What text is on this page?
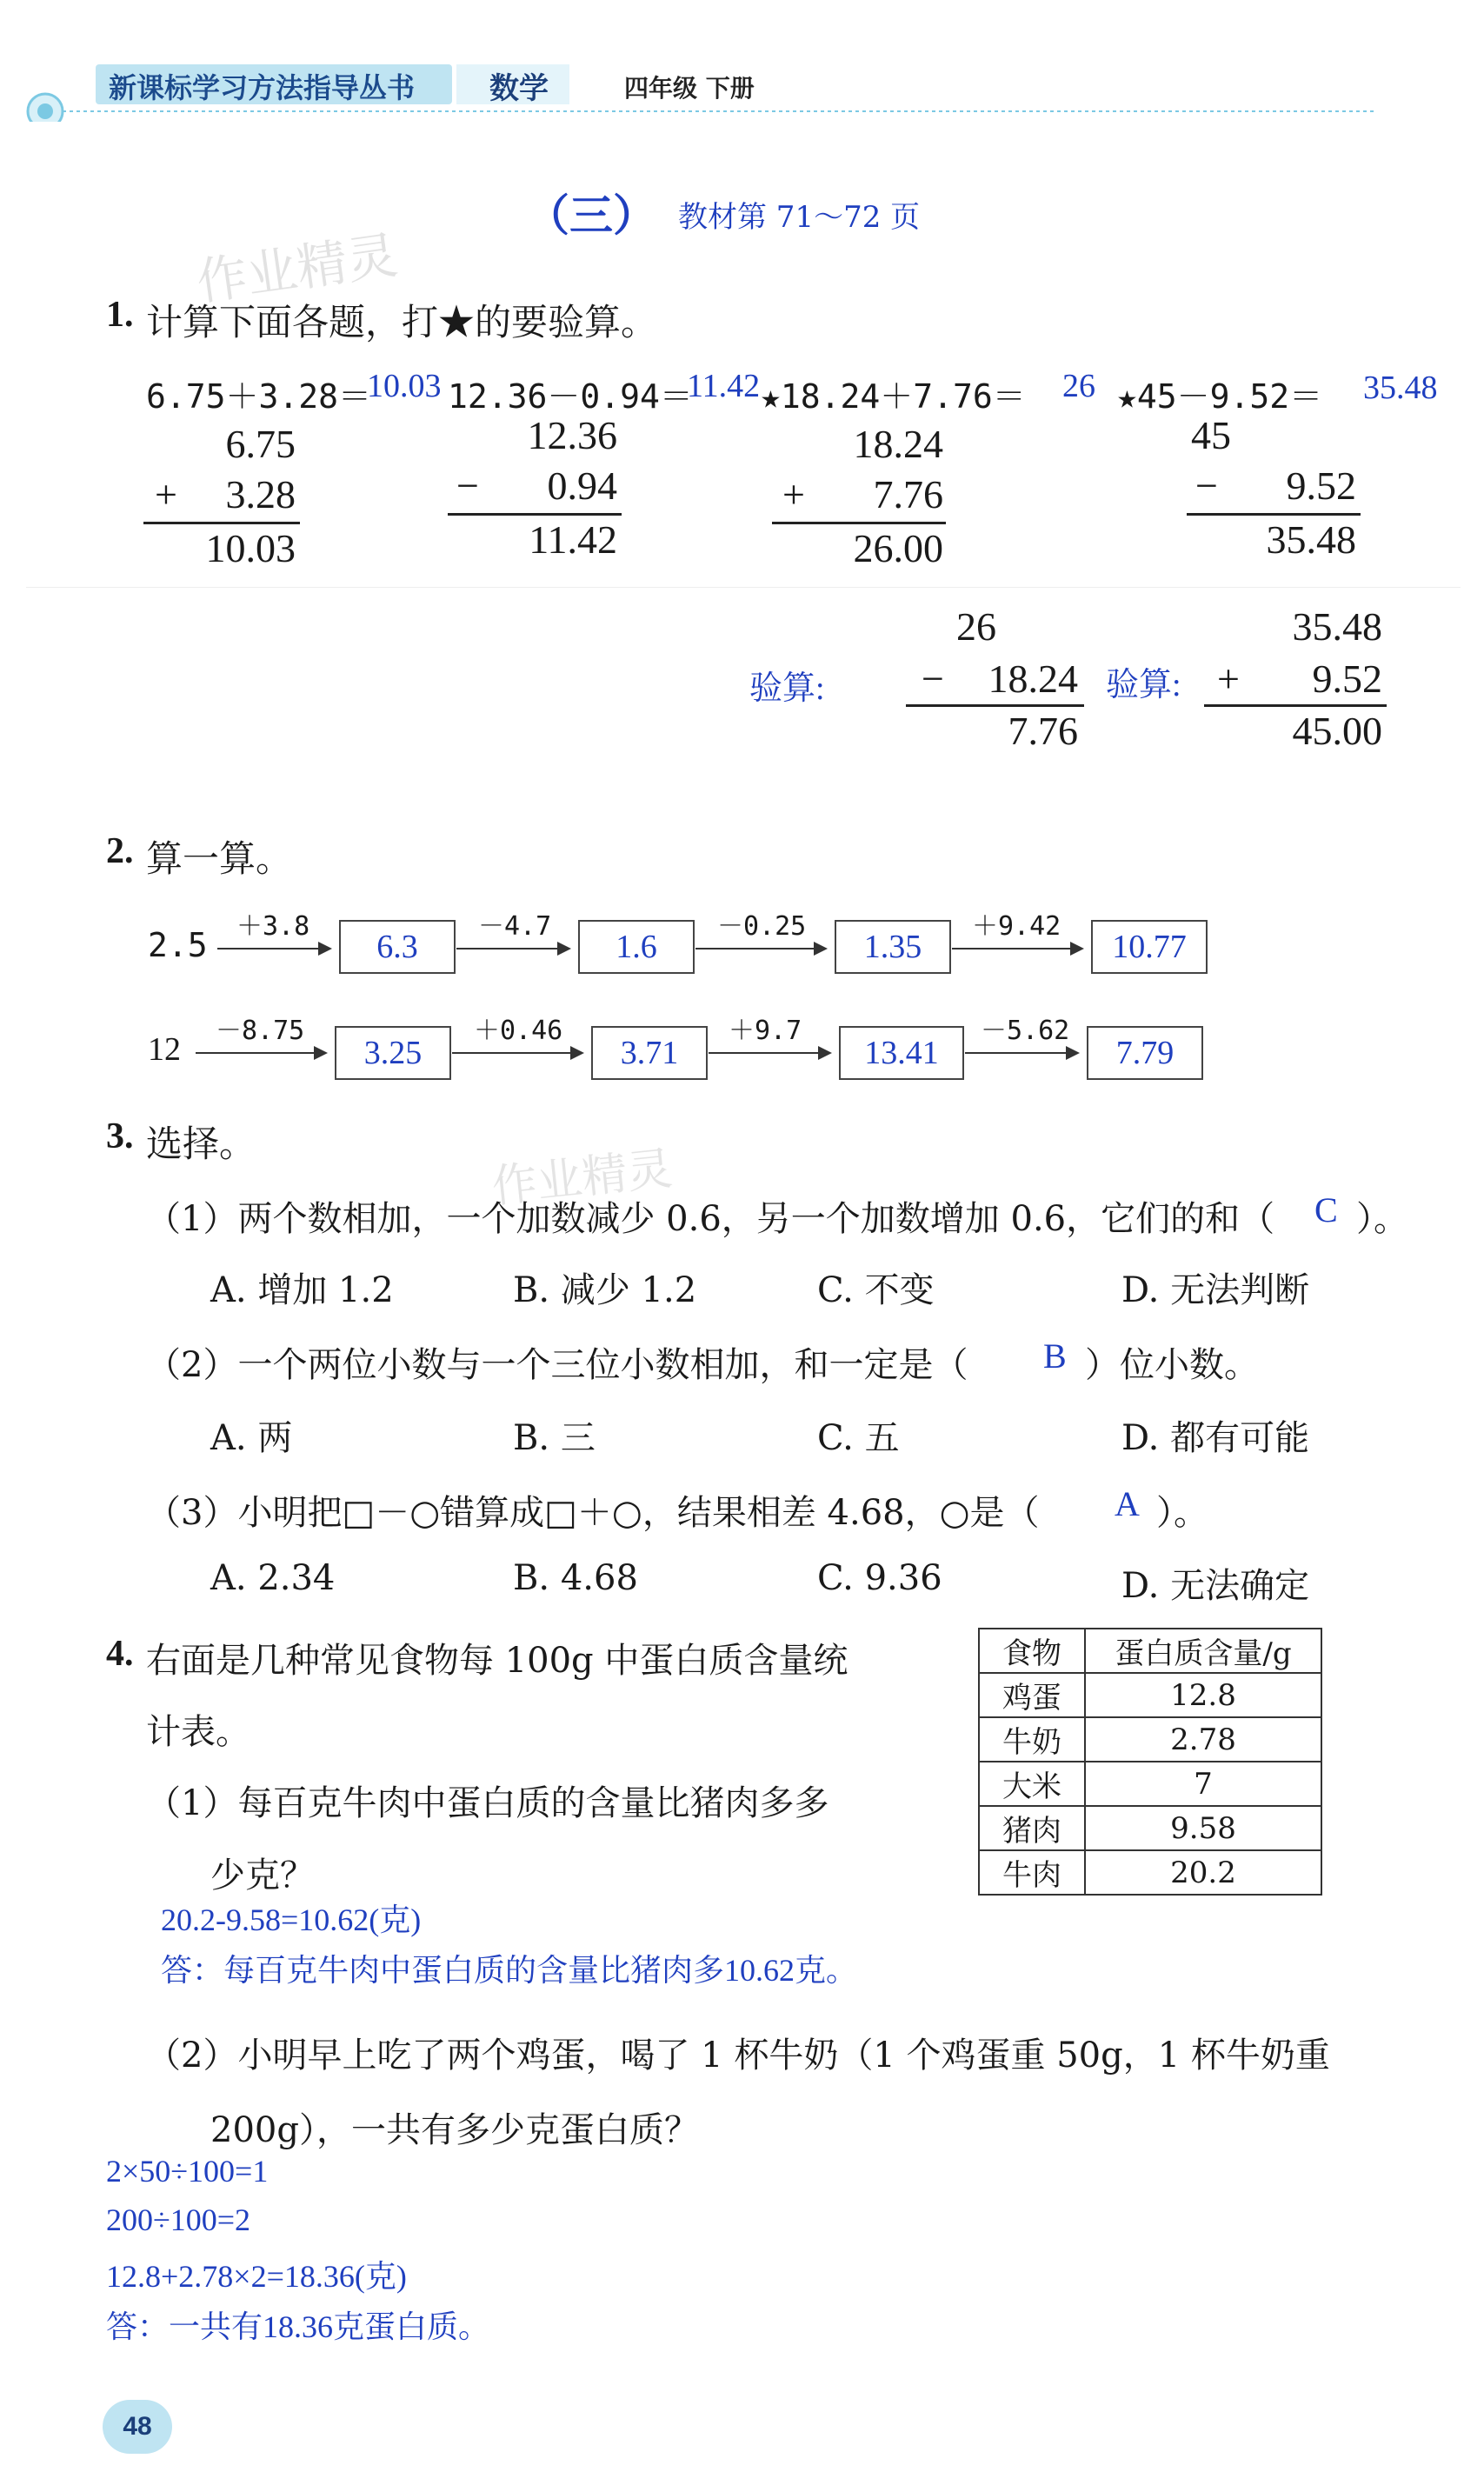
新课标学习方法指导丛书	数学	四年级 下册
（三） 教材第 71～72 页
作业精灵
作业精灵
1. 计算下面各题，打★的要验算。
6.75＋3.28＝
10.03 12.36－0.94＝
11.42 ★18.24＋7.76＝ 26 ★45－9.52＝ 35.48
6.75
+	3.28
10.03
12.36
−	0.94
11.42
18.24
+	7.76
26.00
45
−	9.52
35.48
验算:
26
−	18.24
7.76
验算:
35.48
+	9.52
45.00
2. 算一算。
2.5 ＋3.8
6.3
－4.7
1.6
－0.25
1.35
＋9.42
10.77
12
－8.75
3.25
＋0.46
3.71
＋9.7
13.41
－5.62
7.79
3. 选择。
（1）两个数相加，一个加数减少 0.6，另一个加数增加 0.6，它们的和（ C ）。
A. 增加 1.2	B. 减少 1.2	C. 不变	D. 无法判断
（2）一个两位小数与一个三位小数相加，和一定是（ B ）位小数。
A. 两	B. 三	C. 五	D. 都有可能
（3）小明把□－○错算成□＋○，结果相差 4.68，○是（ A ）。
A. 2.34	B. 4.68	C. 9.36	D. 无法确定
4. 右面是几种常见食物每 100g 中蛋白质含量统
计表。
食物	蛋白质含量/g
鸡蛋	12.8
牛奶	2.78
大米	7
猪肉	9.58
牛肉	20.2
（1）每百克牛肉中蛋白质的含量比猪肉多多
少克？
20.2-9.58=10.62(克)
答：每百克牛肉中蛋白质的含量比猪肉多10.62克。
（2）小明早上吃了两个鸡蛋，喝了 1 杯牛奶（1 个鸡蛋重 50g，1 杯牛奶重
200g），一共有多少克蛋白质？
2×50÷100=1
200÷100=2
12.8+2.78×2=18.36(克)
答：一共有18.36克蛋白质。
48
